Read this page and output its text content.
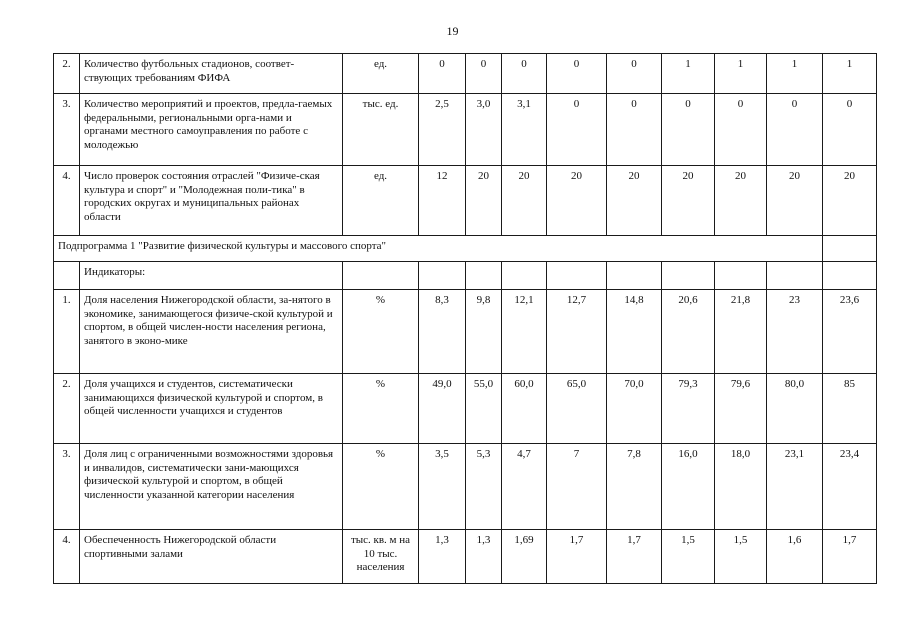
19
2.	Количество футбольных стадионов, соответ-ствующих требованиям ФИФА	ед.	0	0	0	0	0	1	1	1	1
3.	Количество мероприятий и проектов, предла-гаемых федеральными, региональными орга-нами и органами местного самоуправления по работе с молодежью	тыс. ед.	2,5	3,0	3,1	0	0	0	0	0	0
4.	Число проверок состояния отраслей "Физиче-ская культура и спорт" и "Молодежная поли-тика" в городских округах и муниципальных районах области	ед.	12	20	20	20	20	20	20	20	20
Подпрограмма 1 "Развитие физической культуры и массового спорта"											
	Индикаторы:										
1.	Доля населения Нижегородской области, за-нятого в экономике, занимающегося физиче-ской культурой и спортом, в общей числен-ности населения региона, занятого в эконо-мике	%	8,3	9,8	12,1	12,7	14,8	20,6	21,8	23	23,6
2.	Доля учащихся и студентов, систематически занимающихся физической культурой и спортом, в общей численности учащихся и студентов	%	49,0	55,0	60,0	65,0	70,0	79,3	79,6	80,0	85
3.	Доля лиц с ограниченными возможностями здоровья и инвалидов, систематически зани-мающихся физической культурой и спортом, в общей численности указанной категории населения	%	3,5	5,3	4,7	7	7,8	16,0	18,0	23,1	23,4
4.	Обеспеченность Нижегородской области спортивными залами	тыс. кв. м на 10 тыс. населения	1,3	1,3	1,69	1,7	1,7	1,5	1,5	1,6	1,7
